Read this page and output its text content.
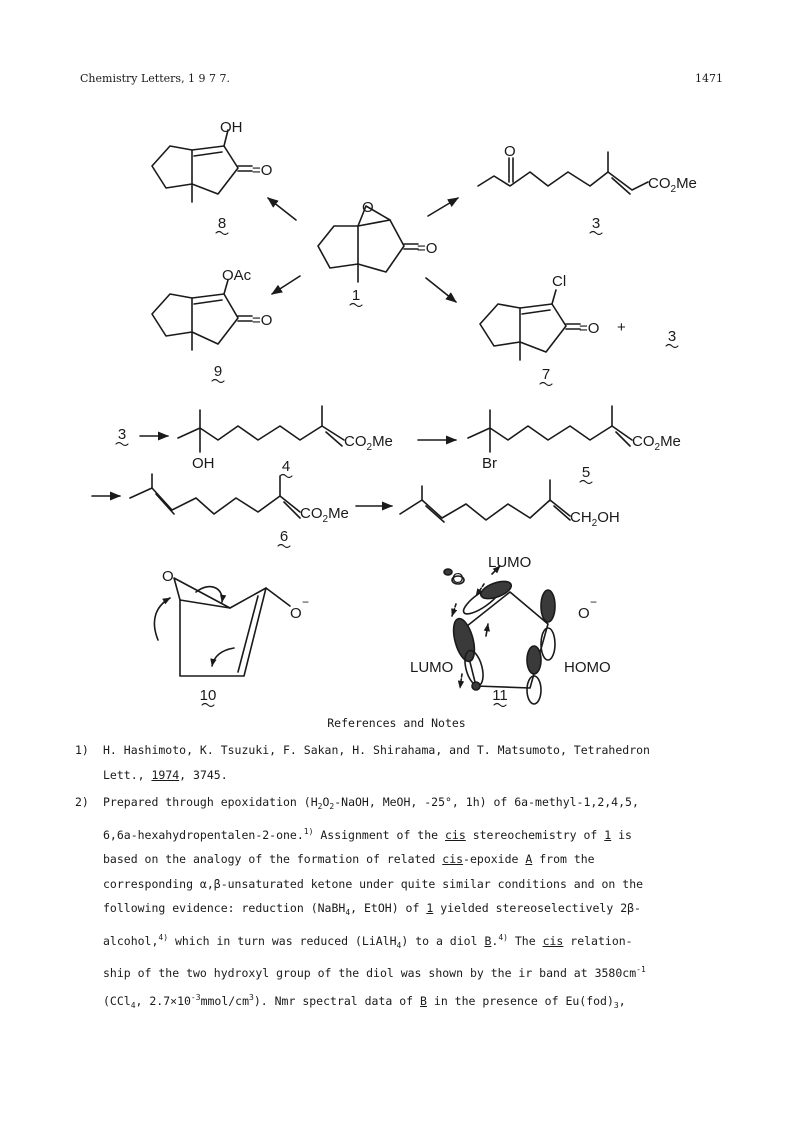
Chemistry Letters, 1 9 7 7.	1471
OH
=O
OAc
=O
O
=O
Cl
=O +
O
$CO_2Me$
OH
$CO_2Me$
Br
$CO_2Me$
$CO_2Me$	$CH_2OH$
O
O
−
O
O
−
LUMO
LUMO	HOMO
8	3
1
9	7
3
3
4	5
6
10	11
References and Notes
1) H. Hashimoto, K. Tsuzuki, F. Sakan, H. Shirahama, and T. Matsumoto, Tetrahedron
Lett., 1974, 3745.
2) Prepared through epoxidation ($H_2O_2$-NaOH, MeOH, -25°, 1h) of 6a-methyl-1,2,4,5,
6,6a-hexahydropentalen-2-one.$^{1)}$ Assignment of the cis stereochemistry of 1 is
based on the analogy of the formation of related cis-epoxide A from the
corresponding α,β-unsaturated ketone under quite similar conditions and on the
following evidence: reduction (NaBH$_4$, EtOH) of 1 yielded stereoselectively 2β-
alcohol,$^{4)}$ which in turn was reduced (LiAlH$_4$) to a diol B.$^{4)}$ The cis relation-
ship of the two hydroxyl group of the diol was shown by the ir band at $3580cm^{-1}$
(CCl$_4$, $2.7\times 10^{-3}mmol/cm^3$). Nmr spectral data of B in the presence of $Eu(fod)_3$,
